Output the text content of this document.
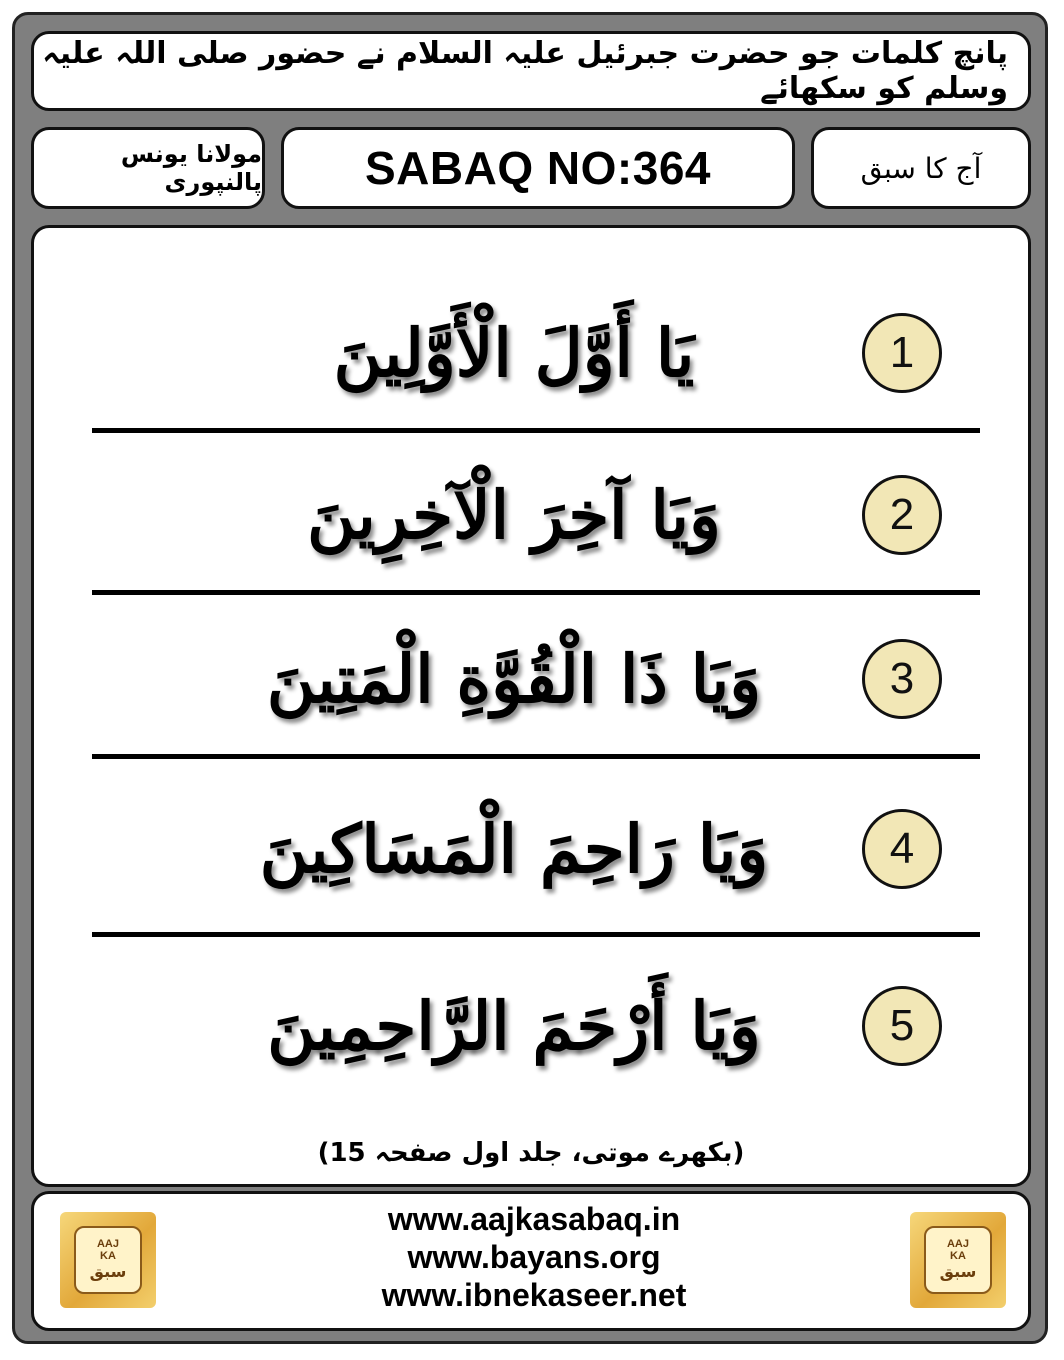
پانچ کلمات جو حضرت جبرئیل علیہ السلام نے حضور صلی اللہ علیہ وسلم کو سکھائے
مولانا یونس پالنپوری SABAQ NO: 364	آج کا سبق
يَا أَوَّلَ الْأَوَّلِينَ	1
وَيَا آخِرَ الْآخِرِينَ	2
وَيَا ذَا الْقُوَّةِ الْمَتِينَ	3
وَيَا رَاحِمَ الْمَسَاكِينَ	4
وَيَا أَرْحَمَ الرَّاحِمِينَ	5
(بکھرے موتی، جلد اول صفحہ 15)
AAJ
KA
سبق
www.aajkasabaq.in
www.bayans.org
www.ibnekaseer.net
AAJ
KA
سبق
